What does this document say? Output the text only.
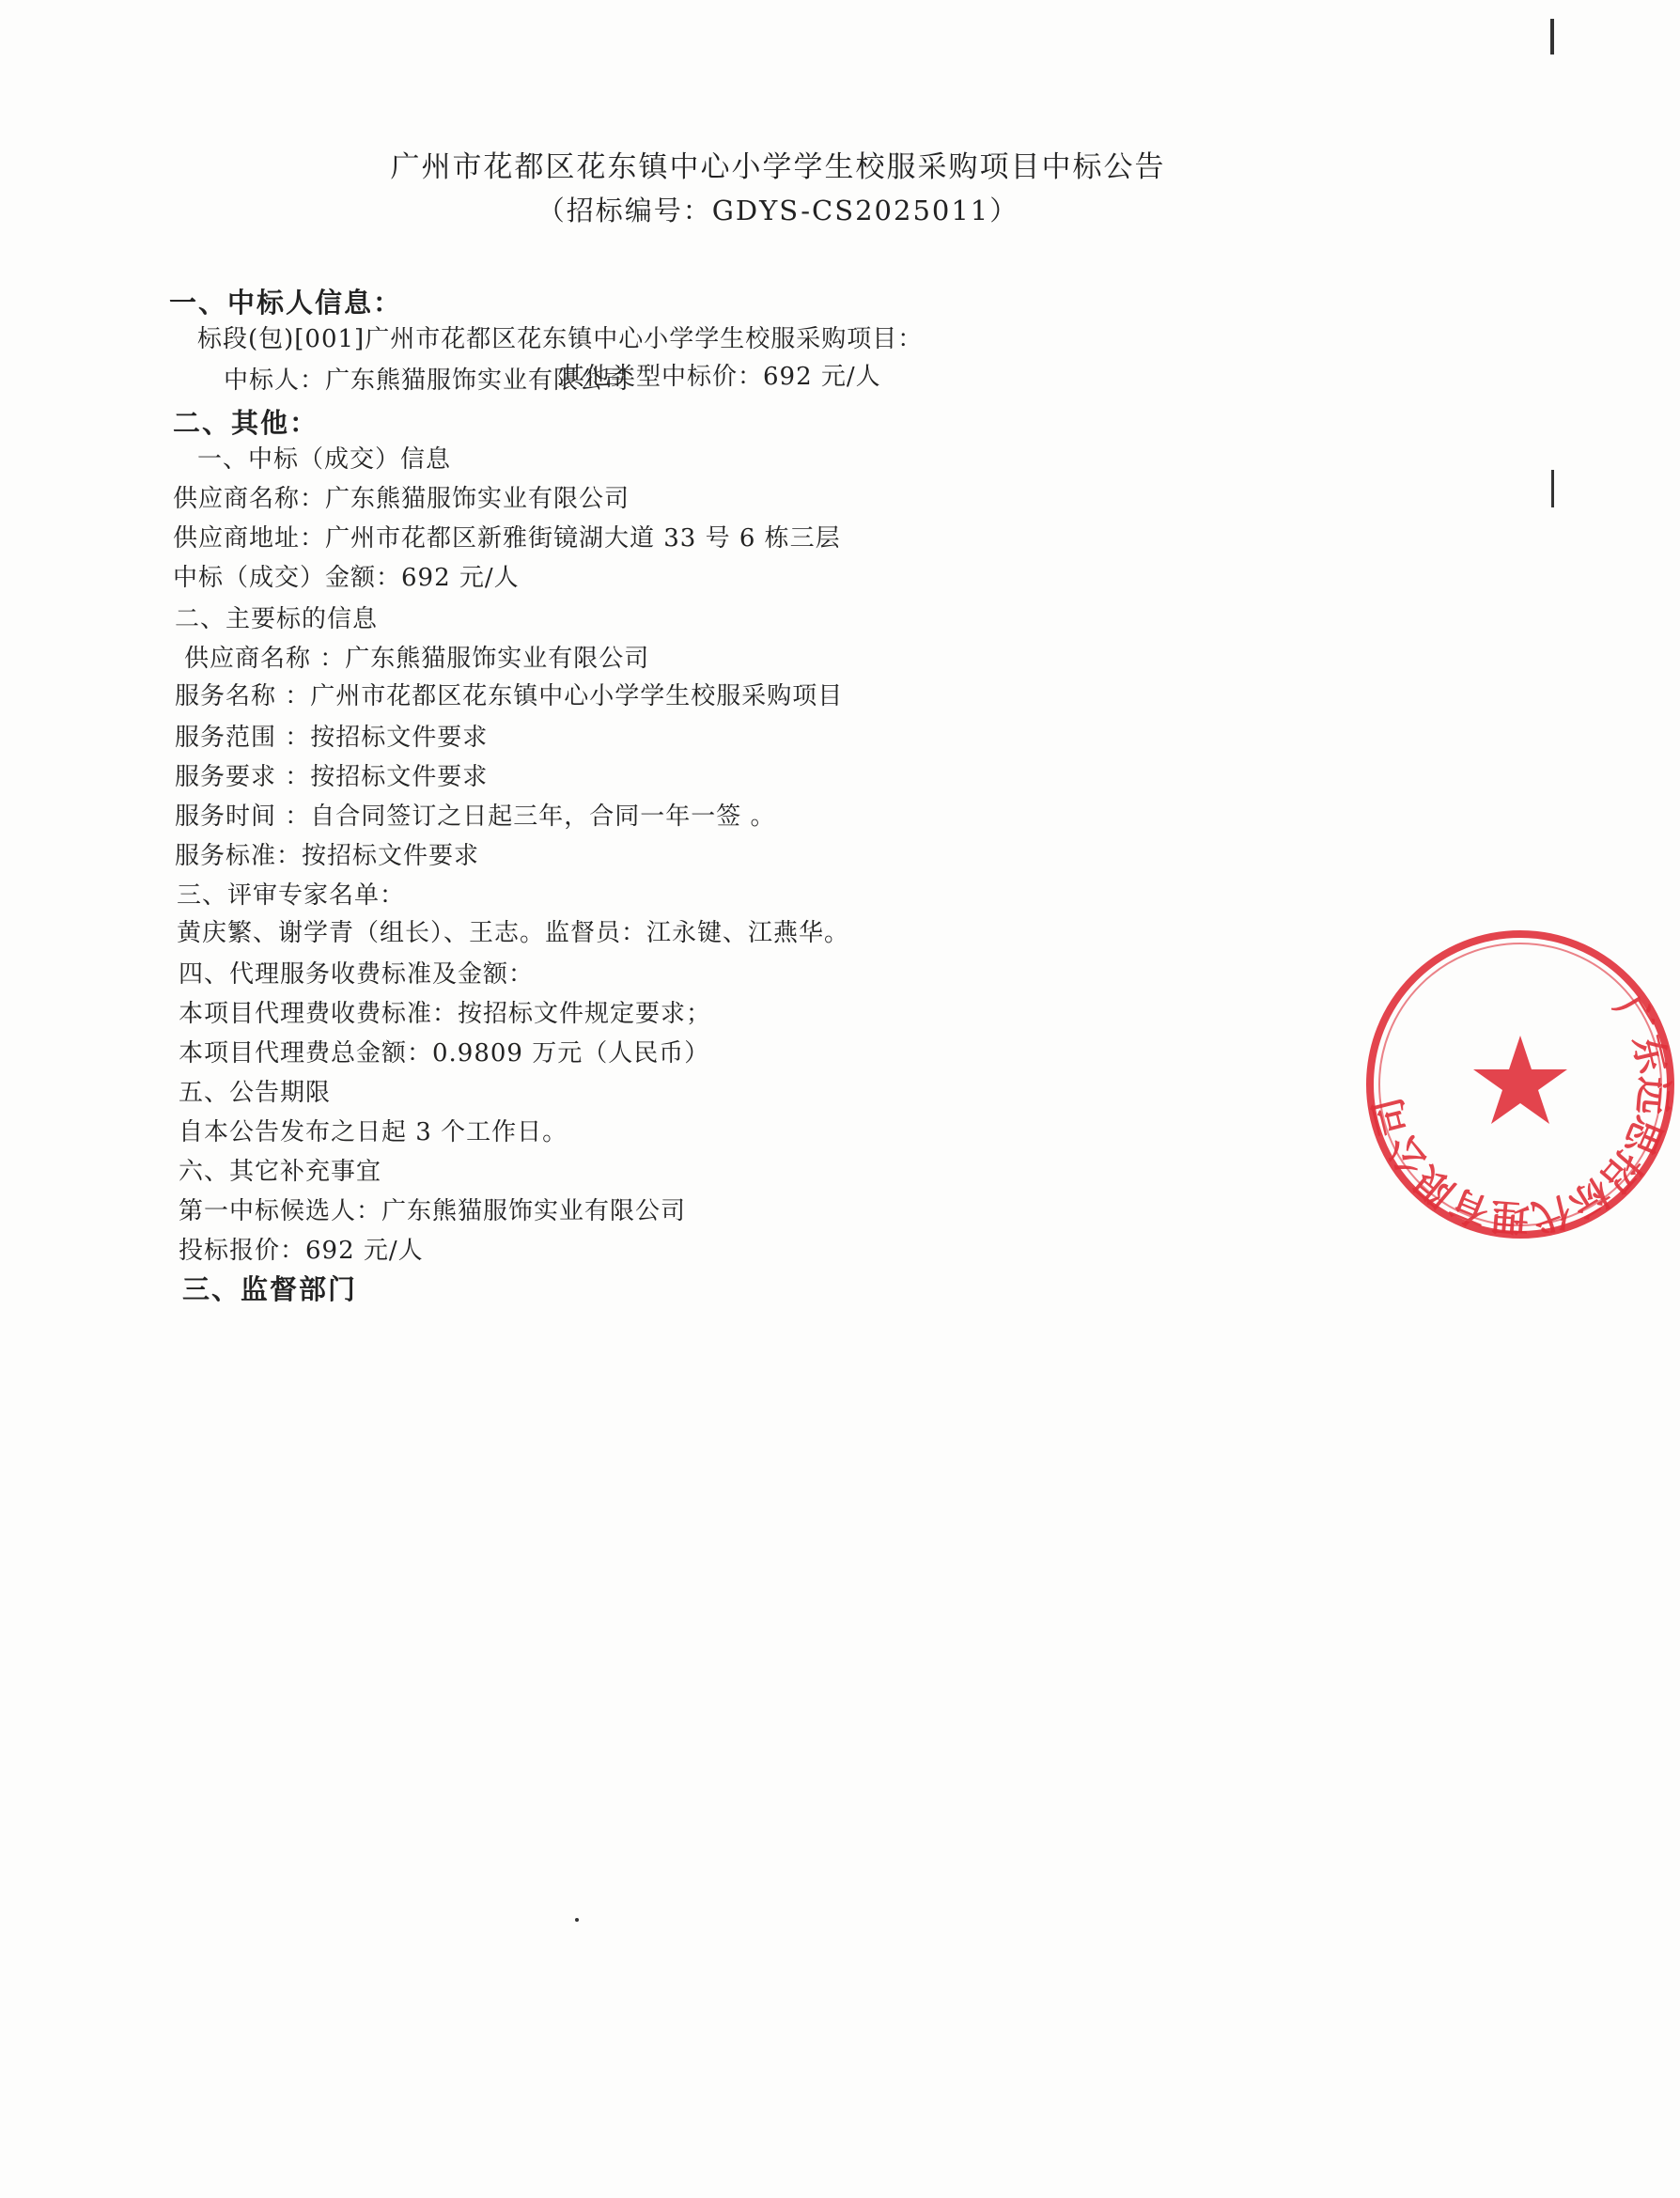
广州市花都区花东镇中心小学学生校服采购项目中标公告
（招标编号：GDYS-CS2025011）
一、中标人信息：
标段(包)[001]广州市花都区花东镇中心小学学生校服采购项目：
中标人：广东熊猫服饰实业有限公司
其他类型中标价：692 元/人
二、其他：
一、中标（成交）信息
供应商名称：广东熊猫服饰实业有限公司
供应商地址：广州市花都区新雅街镜湖大道 33 号 6 栋三层
中标（成交）金额：692 元/人
二、主要标的信息
供应商名称 ：广东熊猫服饰实业有限公司
服务名称 ：广州市花都区花东镇中心小学学生校服采购项目
服务范围 ：按招标文件要求
服务要求 ：按招标文件要求
服务时间 ：自合同签订之日起三年，合同一年一签 。
服务标准：按招标文件要求
三、评审专家名单：
黄庆繁、谢学青（组长）、王志。监督员：江永键、江燕华。
四、代理服务收费标准及金额：
本项目代理费收费标准：按招标文件规定要求；
本项目代理费总金额：0.9809 万元（人民币）
五、公告期限
自本公告发布之日起 3 个工作日。
六、其它补充事宜
第一中标候选人：广东熊猫服饰实业有限公司
投标报价：692 元/人
三、监督部门
广东远思招标代理有限公司
